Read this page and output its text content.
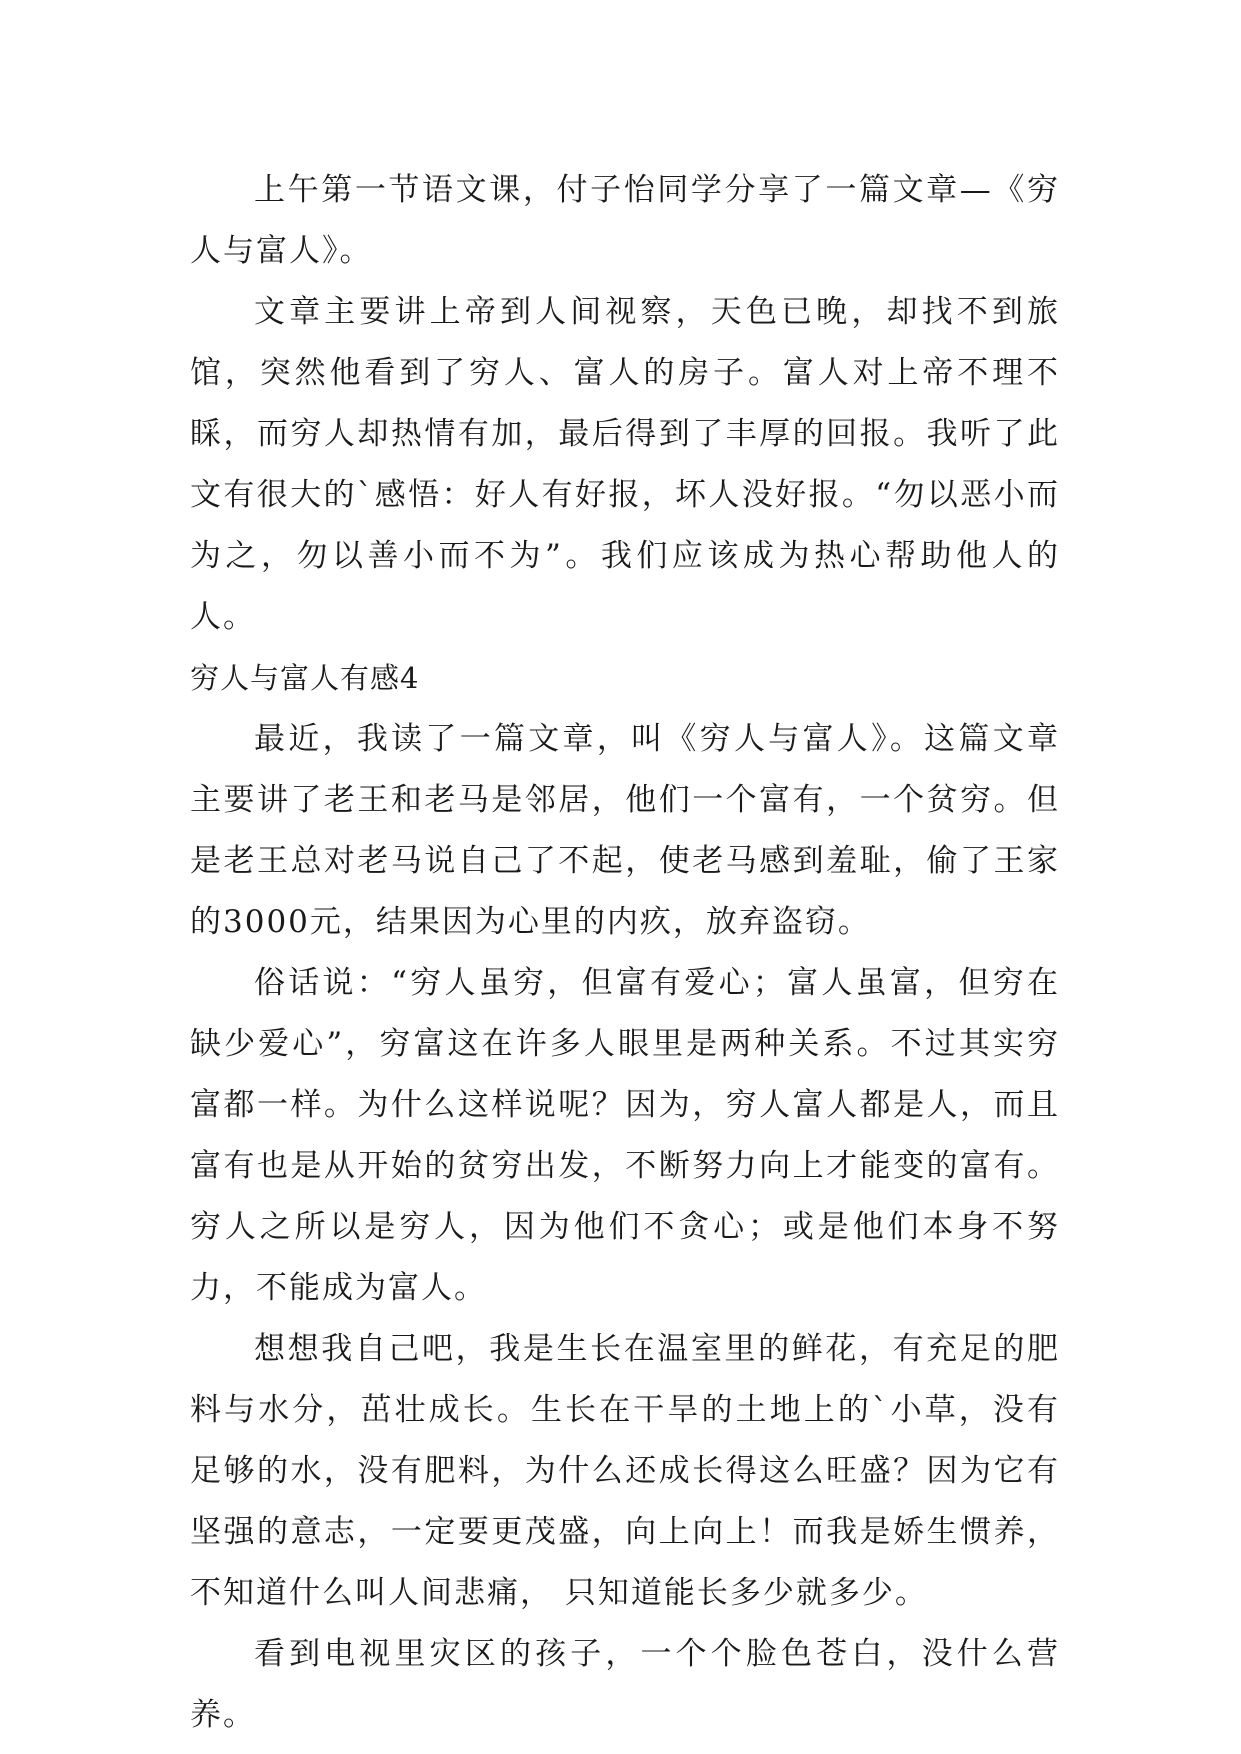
上午第一节语文课，付子怡同学分享了一篇文章—《穷人与富人》。

文章主要讲上帝到人间视察，天色已晚，却找不到旅馆，突然他看到了穷人、富人的房子。富人对上帝不理不睬，而穷人却热情有加，最后得到了丰厚的回报。我听了此文有很大的`感悟：好人有好报，坏人没好报。“勿以恶小而为之，勿以善小而不为”。我们应该成为热心帮助他人的人。

穷人与富人有感4

最近，我读了一篇文章，叫《穷人与富人》。这篇文章主要讲了老王和老马是邻居，他们一个富有，一个贫穷。但是老王总对老马说自己了不起，使老马感到羞耻，偷了王家的3000元，结果因为心里的内疚，放弃盗窃。

俗话说：“穷人虽穷，但富有爱心；富人虽富，但穷在缺少爱心”，穷富这在许多人眼里是两种关系。不过其实穷富都一样。为什么这样说呢？因为，穷人富人都是人，而且富有也是从开始的贫穷出发，不断努力向上才能变的富有。穷人之所以是穷人，因为他们不贪心；或是他们本身不努力，不能成为富人。

想想我自己吧，我是生长在温室里的鲜花，有充足的肥料与水分，茁壮成长。生长在干旱的土地上的`小草，没有足够的水，没有肥料，为什么还成长得这么旺盛？因为它有坚强的意志，一定要更茂盛，向上向上！而我是娇生惯养，不知道什么叫人间悲痛， 只知道能长多少就多少。

看到电视里灾区的孩子，一个个脸色苍白，没什么营养。
